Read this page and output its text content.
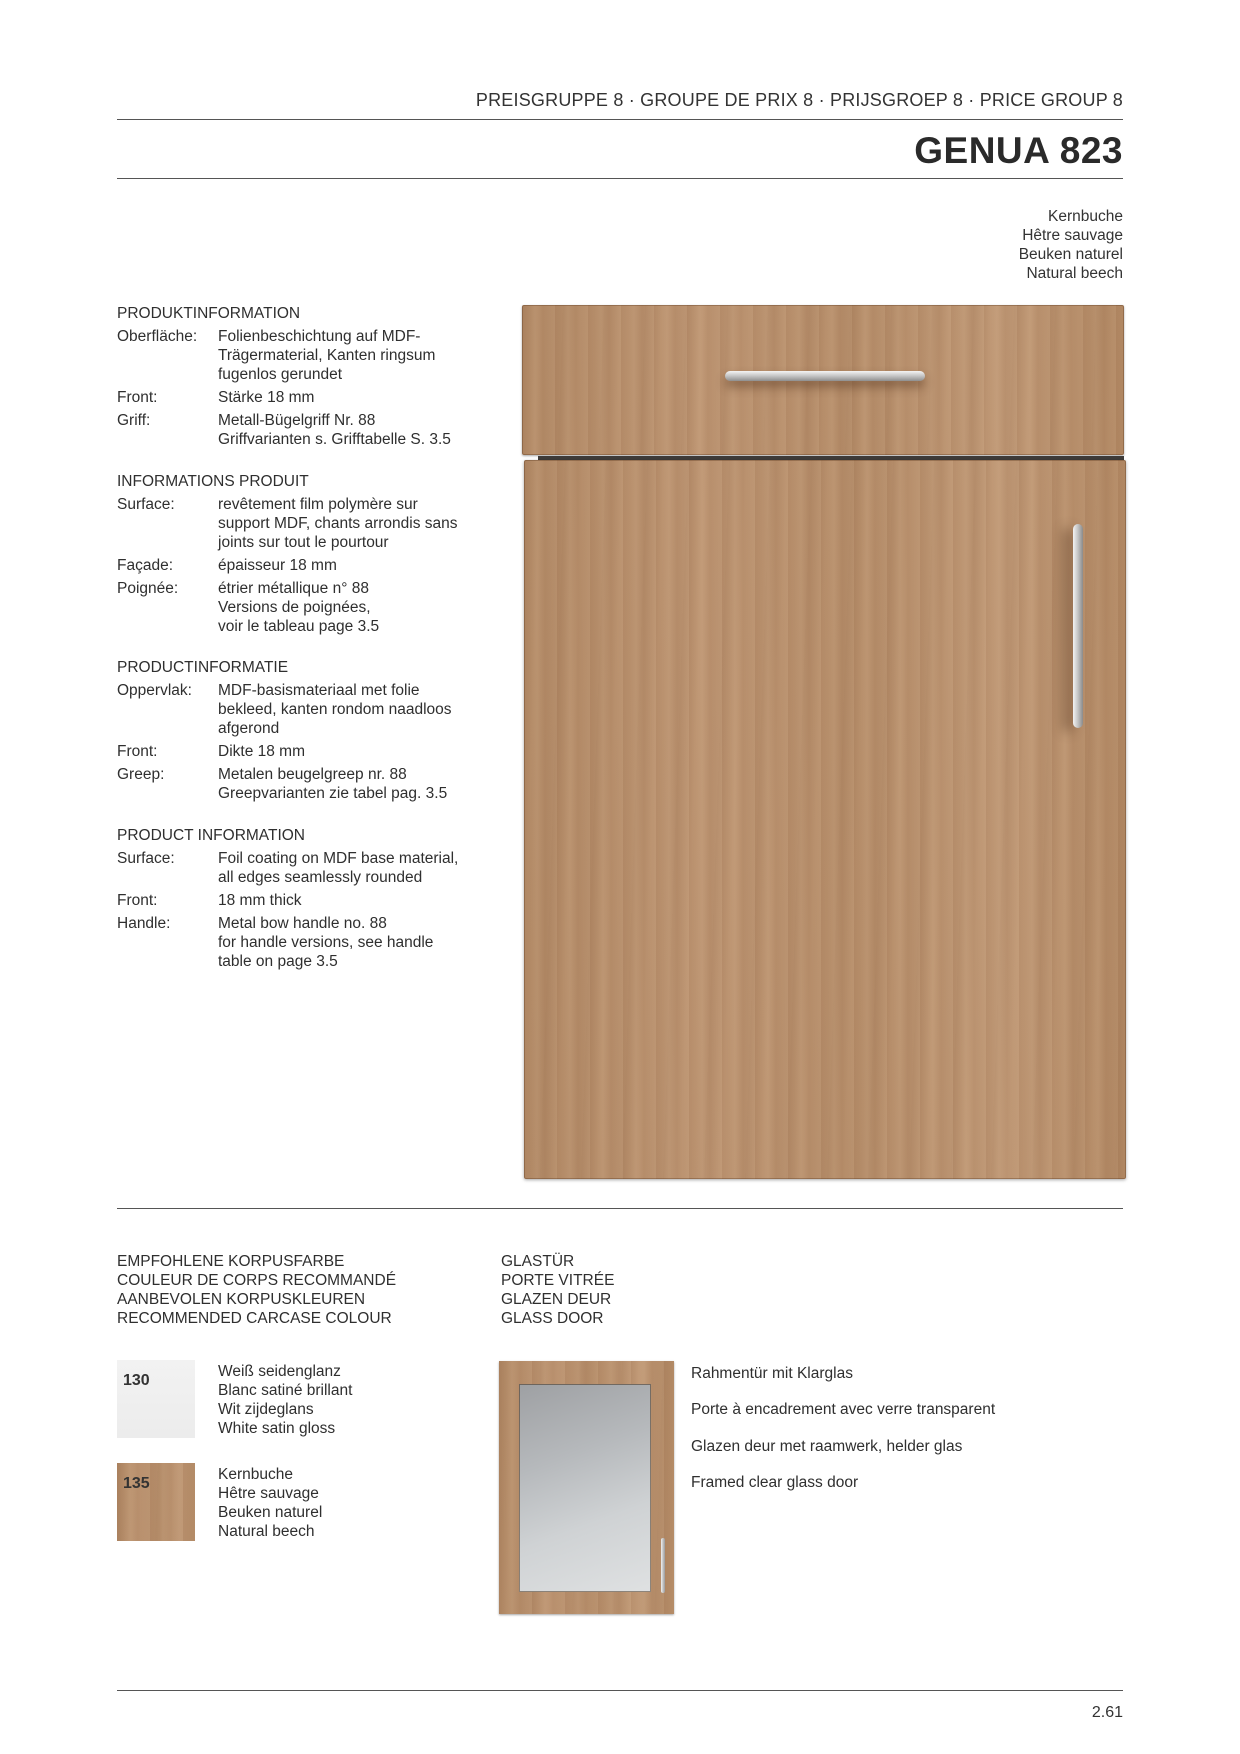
PREISGRUPPE 8 · GROUPE DE PRIX 8 · PRIJSGROEP 8 · PRICE GROUP 8
GENUA 823
Kernbuche
Hêtre sauvage
Beuken naturel
Natural beech
PRODUKTINFORMATION
Oberfläche:	Folienbeschichtung auf MDF-
Trägermaterial, Kanten ringsum
fugenlos gerundet
Front:	Stärke 18 mm
Griff:	Metall-Bügelgriff Nr. 88
Griffvarianten s. Grifftabelle S. 3.5
INFORMATIONS PRODUIT
Surface:	revêtement film polymère sur
support MDF, chants arrondis sans
joints sur tout le pourtour
Façade:	épaisseur 18 mm
Poignée:	étrier métallique n° 88
Versions de poignées,
voir le tableau page 3.5
PRODUCTINFORMATIE
Oppervlak:	MDF-basismateriaal met folie
bekleed, kanten rondom naadloos
afgerond
Front:	Dikte 18 mm
Greep:	Metalen beugelgreep nr. 88
Greepvarianten zie tabel pag. 3.5
PRODUCT INFORMATION
Surface:	Foil coating on MDF base material,
all edges seamlessly rounded
Front:	18 mm thick
Handle:	Metal bow handle no. 88
for handle versions, see handle
table on page 3.5
EMPFOHLENE KORPUSFARBE
COULEUR DE CORPS RECOMMANDÉ
AANBEVOLEN KORPUSKLEUREN
RECOMMENDED CARCASE COLOUR
130
Weiß seidenglanz
Blanc satiné brillant
Wit zijdeglans
White satin gloss
135
Kernbuche
Hêtre sauvage
Beuken naturel
Natural beech
GLASTÜR
PORTE VITRÉE
GLAZEN DEUR
GLASS DOOR
Rahmentür mit Klarglas
Porte à encadrement avec verre transparent
Glazen deur met raamwerk, helder glas
Framed clear glass door
2.61
